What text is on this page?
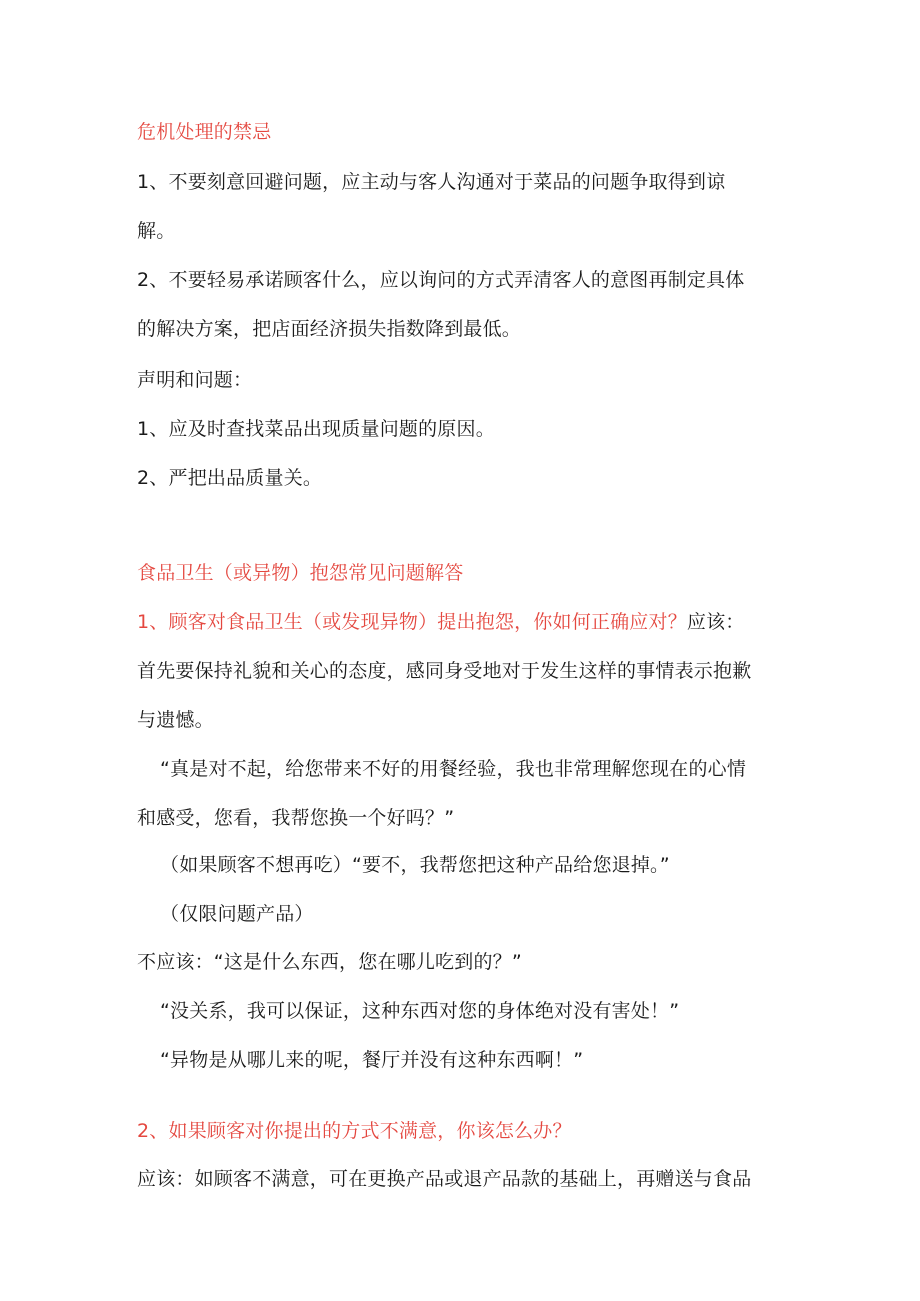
危机处理的禁忌
1、不要刻意回避问题，应主动与客人沟通对于菜品的问题争取得到谅
解。
2、不要轻易承诺顾客什么，应以询问的方式弄清客人的意图再制定具体
的解决方案，把店面经济损失指数降到最低。
声明和问题：
1、应及时查找菜品出现质量问题的原因。
2、严把出品质量关。
食品卫生（或异物）抱怨常见问题解答
1、顾客对食品卫生（或发现异物）提出抱怨，你如何正确应对？应该：
首先要保持礼貌和关心的态度，感同身受地对于发生这样的事情表示抱歉
与遗憾。
“真是对不起，给您带来不好的用餐经验，我也非常理解您现在的心情
和感受，您看，我帮您换一个好吗？”
（如果顾客不想再吃）“要不，我帮您把这种产品给您退掉。”
（仅限问题产品）
不应该：“这是什么东西，您在哪儿吃到的？”
“没关系，我可以保证，这种东西对您的身体绝对没有害处！”
“异物是从哪儿来的呢，餐厅并没有这种东西啊！”
2、如果顾客对你提出的方式不满意，你该怎么办？
应该：如顾客不满意，可在更换产品或退产品款的基础上，再赠送与食品
